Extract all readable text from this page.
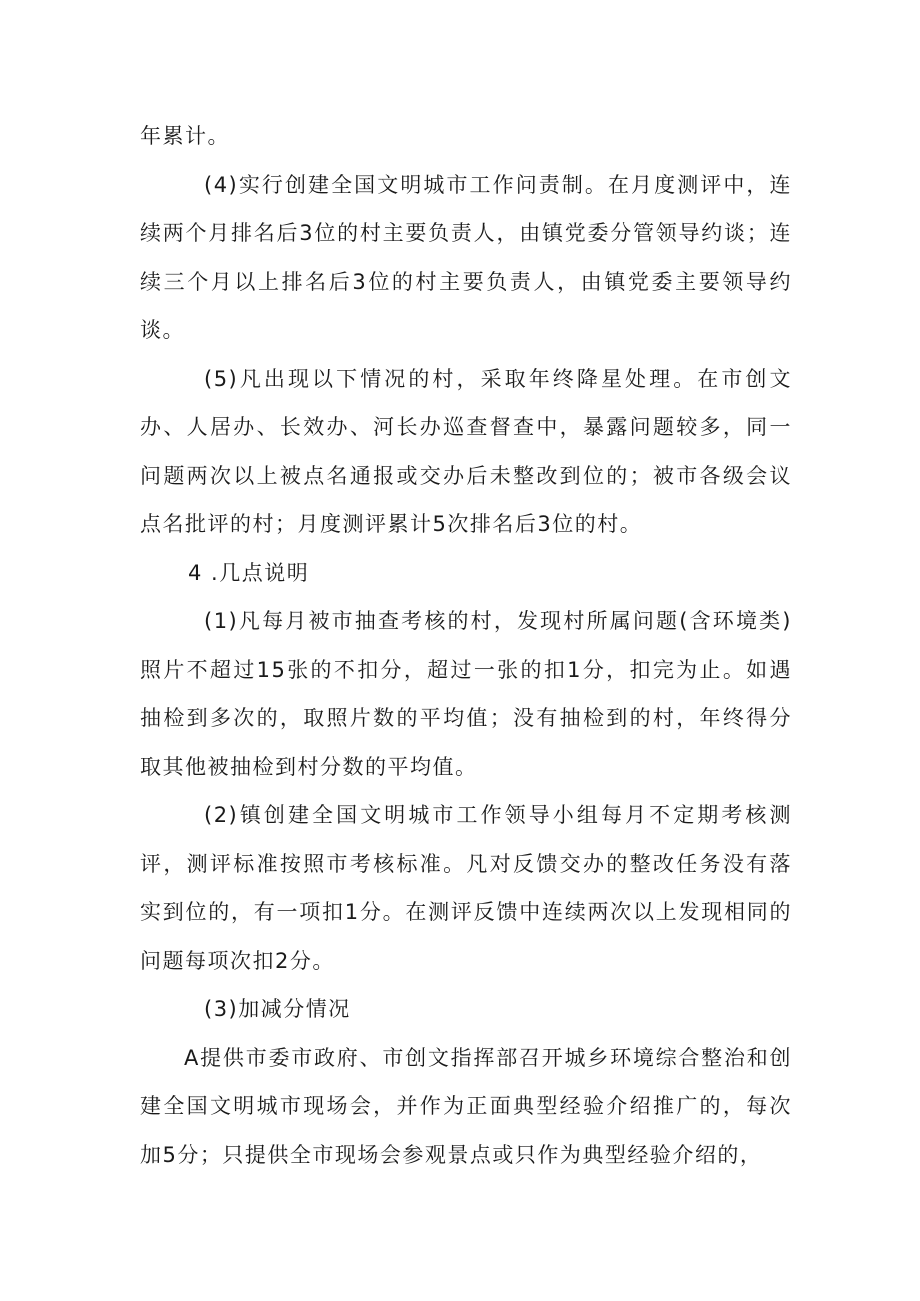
年累计。

(4)实行创建全国文明城市工作问责制。在月度测评中，连续两个月排名后3位的村主要负责人，由镇党委分管领导约谈；连续三个月以上排名后3位的村主要负责人，由镇党委主要领导约谈。

(5)凡出现以下情况的村，采取年终降星处理。在市创文办、人居办、长效办、河长办巡查督查中，暴露问题较多，同一问题两次以上被点名通报或交办后未整改到位的；被市各级会议点名批评的村；月度测评累计5次排名后3位的村。

4 .几点说明

(1)凡每月被市抽查考核的村，发现村所属问题(含环境类)照片不超过15张的不扣分，超过一张的扣1分，扣完为止。如遇抽检到多次的，取照片数的平均值；没有抽检到的村，年终得分取其他被抽检到村分数的平均值。

(2)镇创建全国文明城市工作领导小组每月不定期考核测评，测评标准按照市考核标准。凡对反馈交办的整改任务没有落实到位的，有一项扣1分。在测评反馈中连续两次以上发现相同的问题每项次扣2分。

(3)加减分情况

A提供市委市政府、市创文指挥部召开城乡环境综合整治和创建全国文明城市现场会，并作为正面典型经验介绍推广的，每次加5分；只提供全市现场会参观景点或只作为典型经验介绍的，
